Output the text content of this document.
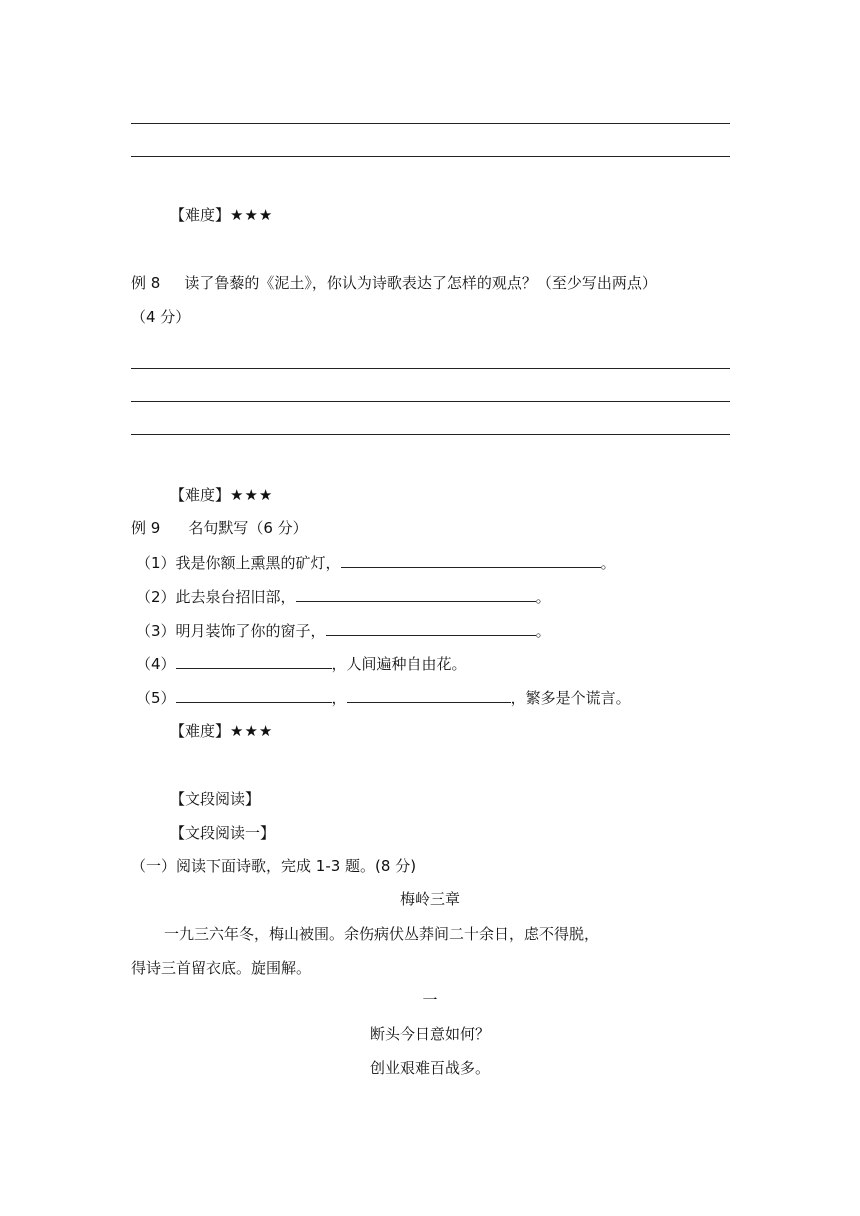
【难度】★★★
例 8 读了鲁藜的《泥土》，你认为诗歌表达了怎样的观点？（至少写出两点）
（4 分）
【难度】★★★
例 9 名句默写（6 分）
（1）我是你额上熏黑的矿灯，	。
（2）此去泉台招旧部，	。
（3）明月装饰了你的窗子，	。
（4）	，人间遍种自由花。
（5）	，	，繁多是个谎言。
【难度】★★★
【文段阅读】
【文段阅读一】
（一）阅读下面诗歌，完成 1-3 题。(8 分)
梅岭三章
一九三六年冬，梅山被围。余伤病伏丛莽间二十余日，虑不得脱，
得诗三首留衣底。旋围解。
一
断头今日意如何？
创业艰难百战多。
